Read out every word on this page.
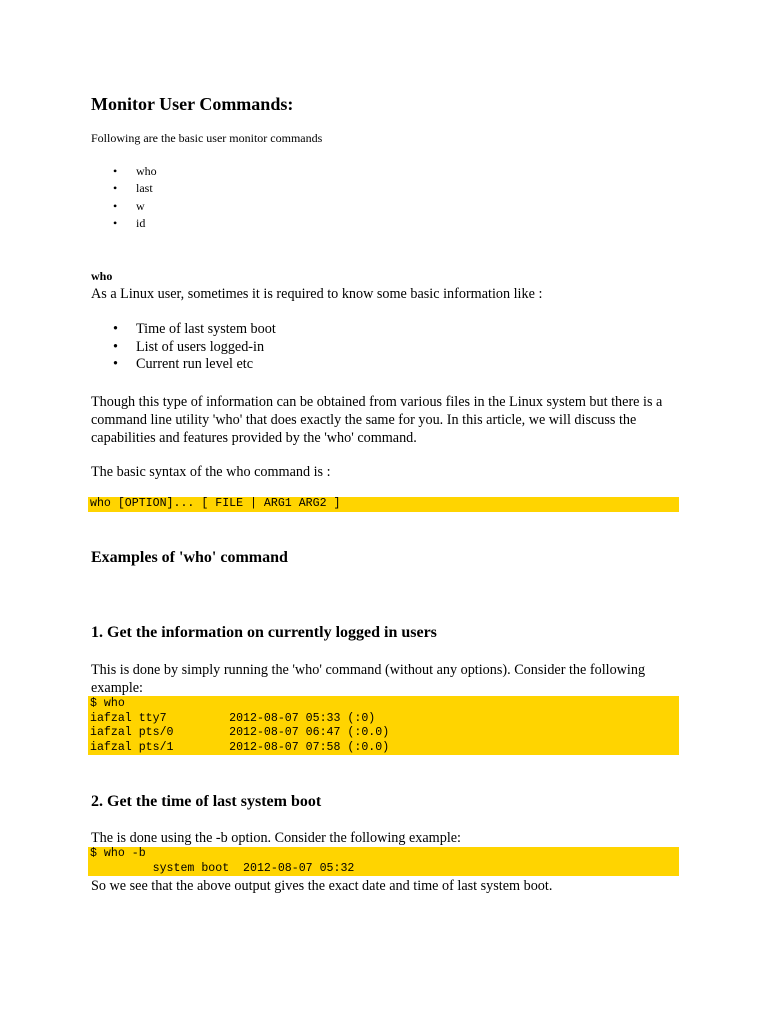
Monitor User Commands:
Following are the basic user monitor commands
• who
• last
• w
• id
who

As a Linux user, sometimes it is required to know some basic information like :

• Time of last system boot
• List of users logged-in
• Current run level etc

Though this type of information can be obtained from various files in the Linux system but there is a command line utility 'who' that does exactly the same for you. In this article, we will discuss the capabilities and features provided by the 'who' command.

The basic syntax of the who command is :

who [OPTION]... [ FILE | ARG1 ARG2 ]
Examples of 'who' command
1. Get the information on currently logged in users

This is done by simply running the 'who' command (without any options). Consider the following example:

$ who
iafzal tty7         2012-08-07 05:33 (:0)
iafzal pts/0        2012-08-07 06:47 (:0.0)
iafzal pts/1        2012-08-07 07:58 (:0.0)
2. Get the time of last system boot

The is done using the -b option. Consider the following example:

$ who -b
system boot  2012-08-07 05:32

So we see that the above output gives the exact date and time of last system boot.
